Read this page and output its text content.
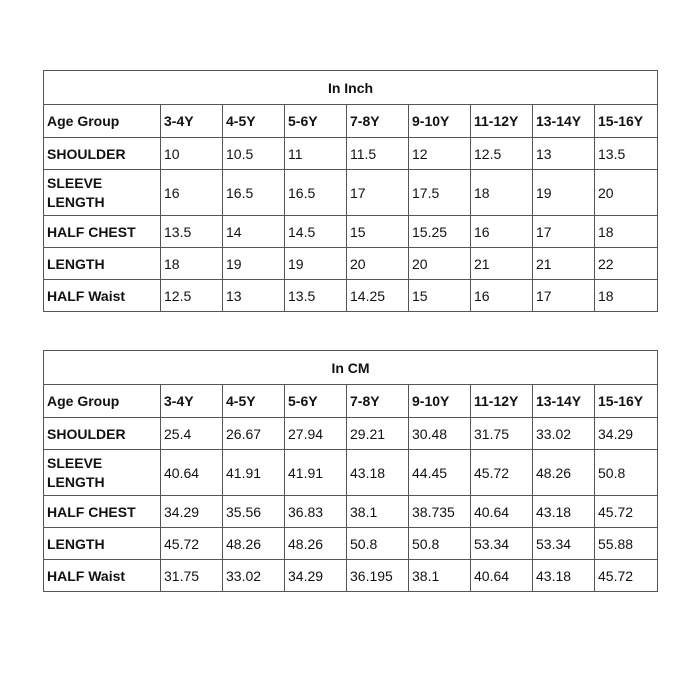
In Inch								
Age Group	3-4Y	4-5Y	5-6Y	7-8Y	9-10Y	11-12Y	13-14Y	15-16Y
SHOULDER	10	10.5	11	11.5	12	12.5	13	13.5
SLEEVE LENGTH	16	16.5	16.5	17	17.5	18	19	20
HALF CHEST	13.5	14	14.5	15	15.25	16	17	18
LENGTH	18	19	19	20	20	21	21	22
HALF Waist	12.5	13	13.5	14.25	15	16	17	18
In CM								
Age Group	3-4Y	4-5Y	5-6Y	7-8Y	9-10Y	11-12Y	13-14Y	15-16Y
SHOULDER	25.4	26.67	27.94	29.21	30.48	31.75	33.02	34.29
SLEEVE LENGTH	40.64	41.91	41.91	43.18	44.45	45.72	48.26	50.8
HALF CHEST	34.29	35.56	36.83	38.1	38.735	40.64	43.18	45.72
LENGTH	45.72	48.26	48.26	50.8	50.8	53.34	53.34	55.88
HALF Waist	31.75	33.02	34.29	36.195	38.1	40.64	43.18	45.72
